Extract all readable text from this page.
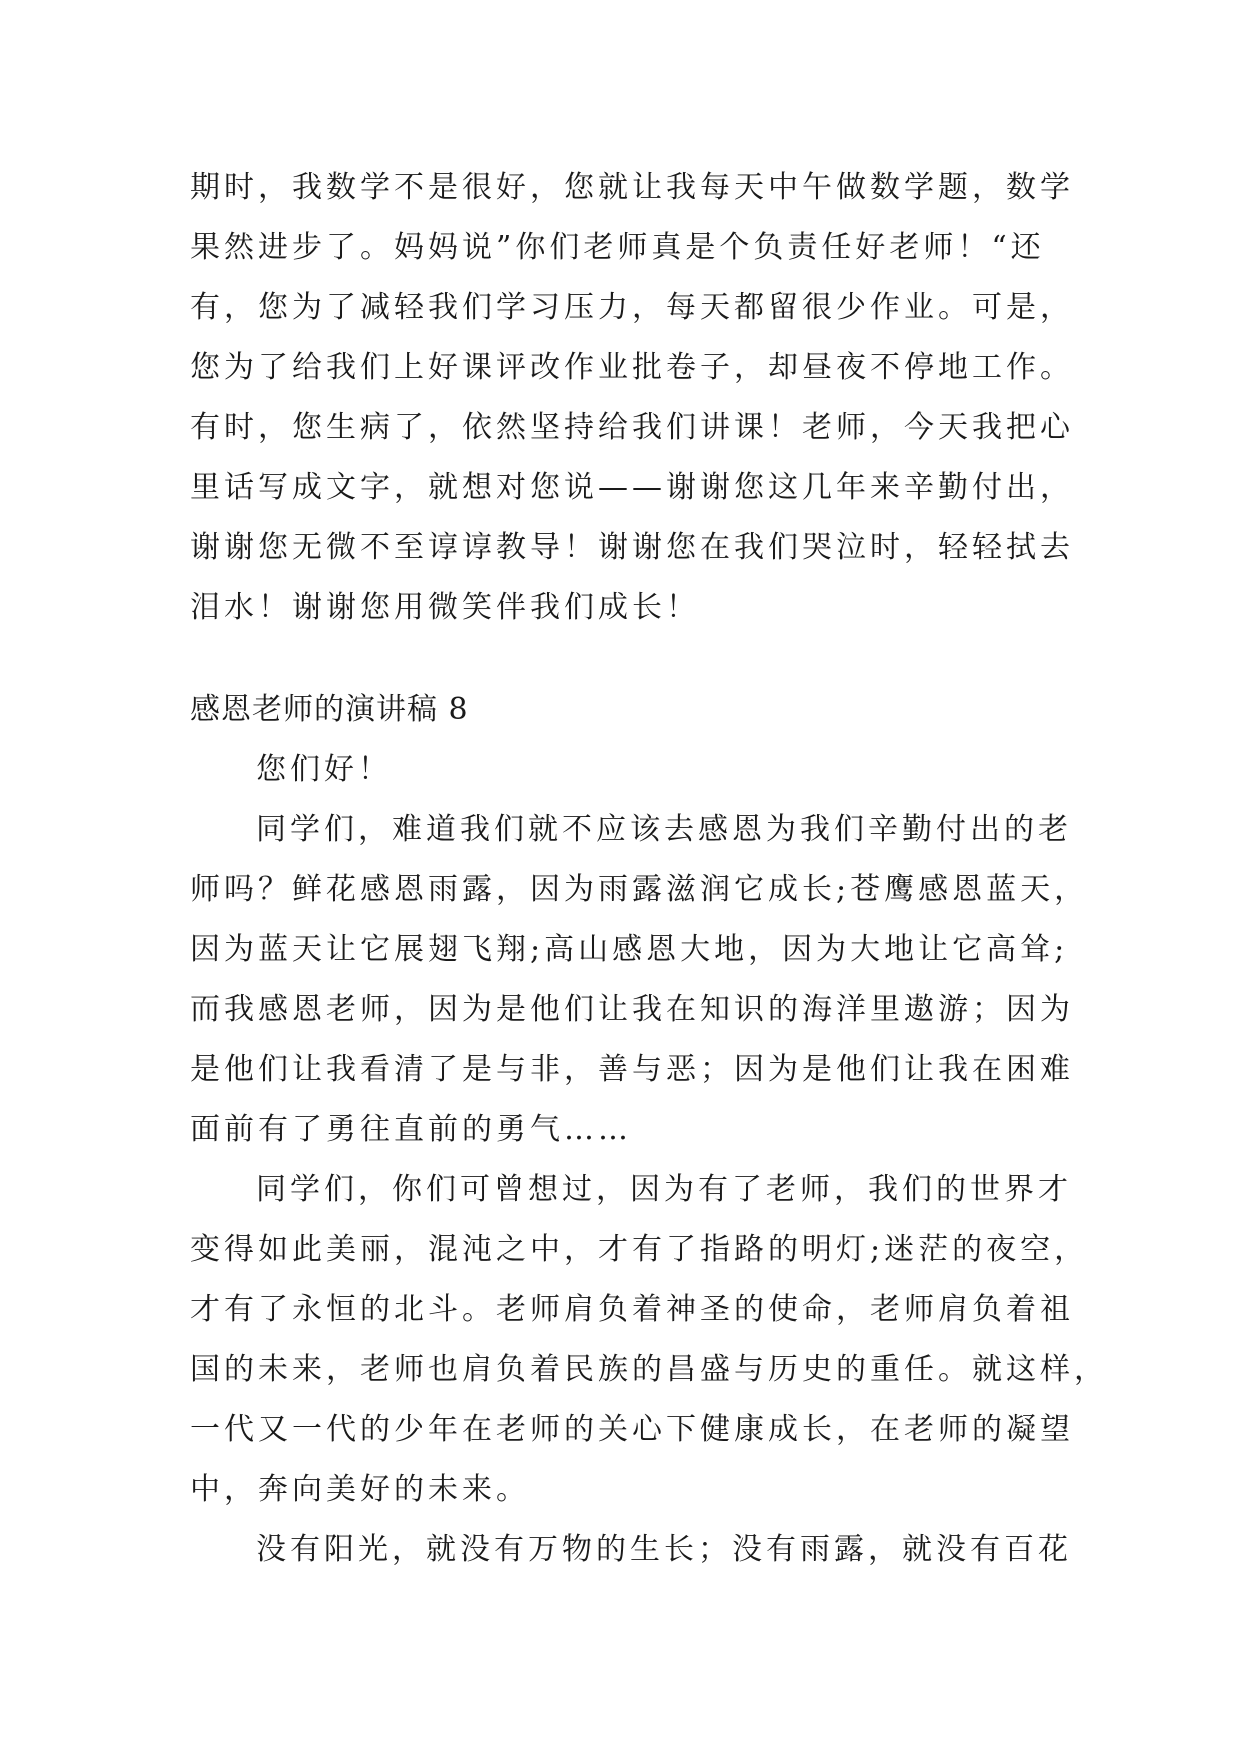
期时，我数学不是很好，您就让我每天中午做数学题，数学
果然进步了。妈妈说”你们老师真是个负责任好老师！“还
有，您为了减轻我们学习压力，每天都留很少作业。可是，
您为了给我们上好课评改作业批卷子，却昼夜不停地工作。
有时，您生病了，依然坚持给我们讲课！老师，今天我把心
里话写成文字，就想对您说——谢谢您这几年来辛勤付出，
谢谢您无微不至谆谆教导！谢谢您在我们哭泣时，轻轻拭去
泪水！谢谢您用微笑伴我们成长！
感恩老师的演讲稿 8
您们好！
同学们，难道我们就不应该去感恩为我们辛勤付出的老
师吗？鲜花感恩雨露，因为雨露滋润它成长;苍鹰感恩蓝天，
因为蓝天让它展翅飞翔;高山感恩大地，因为大地让它高耸;
而我感恩老师，因为是他们让我在知识的海洋里遨游；因为
是他们让我看清了是与非，善与恶；因为是他们让我在困难
面前有了勇往直前的勇气……
同学们，你们可曾想过，因为有了老师，我们的世界才
变得如此美丽，混沌之中，才有了指路的明灯;迷茫的夜空，
才有了永恒的北斗。老师肩负着神圣的使命，老师肩负着祖
国的未来，老师也肩负着民族的昌盛与历史的重任。就这样，
一代又一代的少年在老师的关心下健康成长，在老师的凝望
中，奔向美好的未来。
没有阳光，就没有万物的生长；没有雨露，就没有百花
